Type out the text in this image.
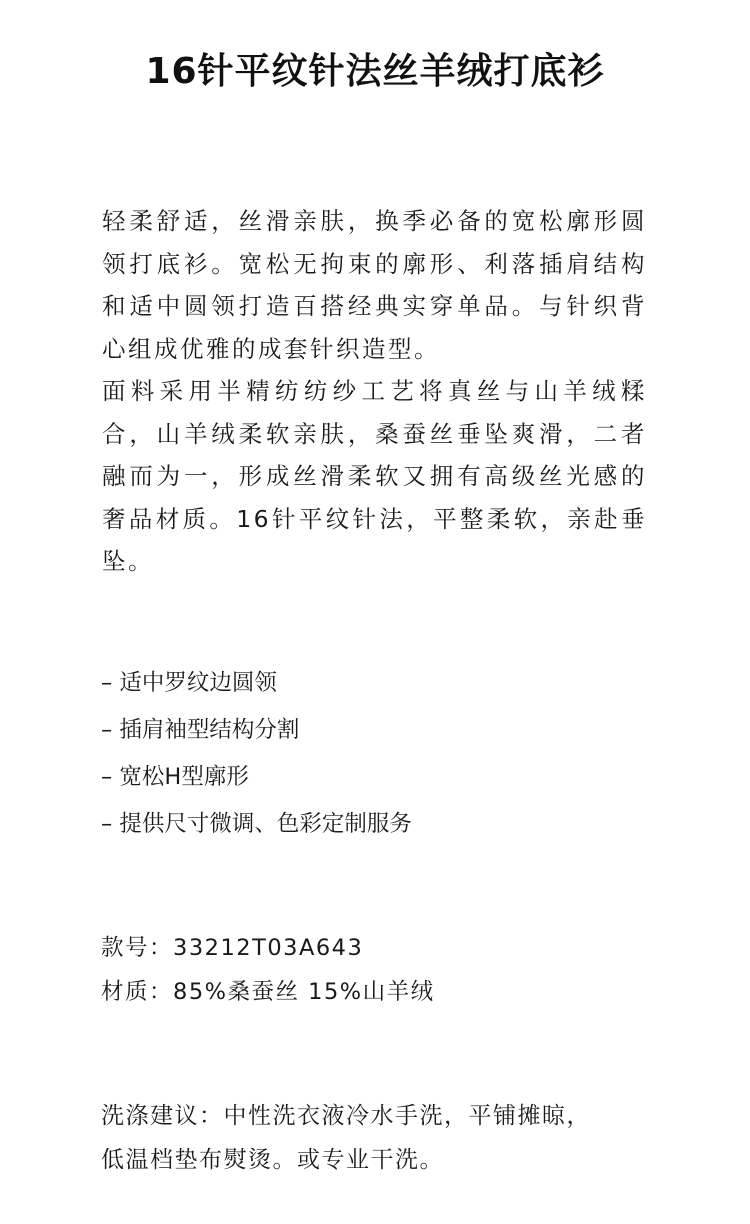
16针平纹针法丝羊绒打底衫

轻柔舒适，丝滑亲肤，换季必备的宽松廓形圆领打底衫。宽松无拘束的廓形、利落插肩结构和适中圆领打造百搭经典实穿单品。与针织背心组成优雅的成套针织造型。

面料采用半精纺纺纱工艺将真丝与山羊绒糅合，山羊绒柔软亲肤，桑蚕丝垂坠爽滑，二者融而为一，形成丝滑柔软又拥有高级丝光感的奢品材质。16针平纹针法，平整柔软，亲赴垂坠。

– 适中罗纹边圆领
– 插肩袖型结构分割
– 宽松H型廓形
– 提供尺寸微调、色彩定制服务
款号：33212T03A643
材质：85%桑蚕丝 15%山羊绒
洗涤建议：中性洗衣液冷水手洗，平铺摊晾，
低温档垫布熨烫。或专业干洗。
